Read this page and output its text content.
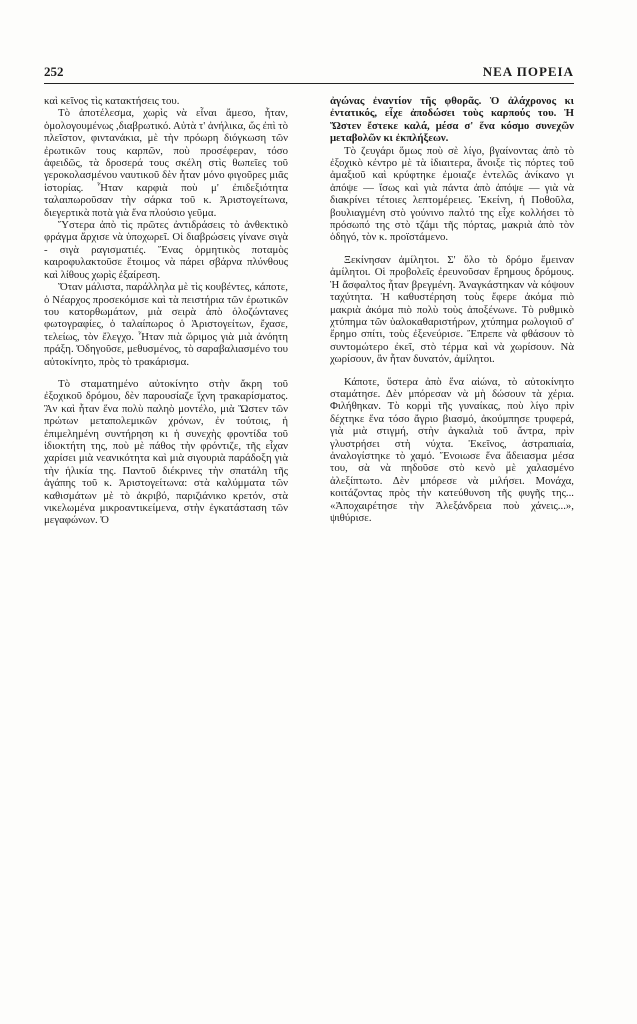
252	ΝΕΑ ΠΟΡΕΙΑ

καὶ κεῖνος τὶς κατακτήσεις του.

Τὸ ἀποτέλεσμα, χωρὶς νὰ εἶναι ἄμεσο, ἦταν, ὁμολογουμένως ,διαβρωτικό. Αὐτὰ τ' ἀνήλικα, ὥς ἐπὶ τὸ πλεῖστον, φιντανάκια, μὲ τὴν πρόωρη διόγκωση τῶν ἐρωτικῶν τους καρπῶν, ποὺ προσέφεραν, τόσο ἀφειδῶς, τὰ δροσερά τους σκέλη στὶς θωπεῖες τοῦ γεροκολασμένου ναυτικοῦ δὲν ἦταν μόνο φιγοῦρες μιᾶς ἱστορίας. Ἦταν καρφιὰ ποὺ μ' ἐπιδεξιότητα ταλαιπωροῦσαν τὴν σάρκα τοῦ κ. Ἀριστογείτωνα, διεγερτικὰ ποτὰ γιὰ ἕνα πλούσιο γεῦμα.

Ὕστερα ἀπὸ τὶς πρῶτες ἀντιδράσεις τὸ ἀνθεκτικὸ φράγμα ἄρχισε νὰ ὑποχωρεῖ. Οἱ διαβρώσεις γίνανε σιγὰ - σιγὰ ραγισματιές. Ἕνας ὁρμητικὸς ποταμὸς καιροφυλακτοῦσε ἕτοιμος νὰ πάρει σβάρνα πλύνθους καὶ λίθους χωρὶς ἐξαίρεση.

Ὅταν μάλιστα, παράλληλα μὲ τὶς κουβέντες, κάποτε, ὁ Νέαρχος προσεκόμισε καὶ τὰ πειστήρια τῶν ἐρωτικῶν του κατορθωμάτων, μιὰ σειρὰ ἀπὸ ὁλοζώντανες φωτογραφίες, ὁ ταλαίπωρος ὁ Ἀριστογείτων, ἔχασε, τελείως, τὸν ἔλεγχο. Ἦταν πιὰ ὥριμος γιὰ μιὰ ἀνόητη πράξη. Ὁδηγοῦσε, μεθυσμένος, τὸ σαραβαλιασμένο του αὐτοκίνητο, πρὸς τὸ τρακάρισμα.

Τὸ σταματημένο αὐτοκίνητο στὴν ἄκρη τοῦ ἐξοχικοῦ δρόμου, δὲν παρουσίαζε ἴχνη τρακαρίσματος. Ἂν καὶ ἦταν ἕνα πολὺ παληὸ μοντέλο, μιὰ Ὥστεν τῶν πρώτων μεταπολεμικῶν χρόνων, ἐν τούτοις, ἡ ἐπιμελημένη συντήρηση κι ἡ συνεχὴς φροντίδα τοῦ ἰδιοκτήτη της, ποὺ μὲ πάθος τὴν φρόντιζε, τῆς εἶχαν χαρίσει μιὰ νεανικότητα καὶ μιὰ σιγουριὰ παράδοξη γιὰ τὴν ἡλικία της. Παντοῦ διέκρινες τὴν σπατάλη τῆς ἀγάπης τοῦ κ. Ἀριστογείτωνα: στὰ καλύμματα τῶν καθισμάτων μὲ τὸ ἀκριβό, παριζιάνικο κρετόν, στὰ νικελωμένα μικροαντικείμενα, στὴν ἐγκατάσταση τῶν μεγαφώνων. Ὁ

ἀγώνας ἐναντίον τῆς φθορᾶς. Ὁ ἀλάχρονος κι ἐντατικός, εἶχε ἀποδώσει τοὺς καρπούς του. Ἡ Ὥστεν ἔστεκε καλά, μέσα σ' ἕνα κόσμο συνεχῶν μεταβολῶν κι ἐκπλήξεων.

Τὸ ζευγάρι ὅμως ποὺ σὲ λίγο, βγαίνοντας ἀπὸ τὸ ἐξοχικὸ κέντρο μὲ τὰ ἰδιαιτερα, ἄνοιξε τὶς πόρτες τοῦ ἀμαξιοῦ καὶ κρύφτηκε ἐμοιαζε ἐντελῶς ἀνίκανο γι ἀπόψε — ἴσως καὶ γιὰ πάντα ἀπὸ ἀπόψε — γιὰ νὰ διακρίνει τέτοιες λεπτομέρειες. Ἐκείνη, ἡ Ποθοῦλα, βουλιαγμένη στὸ γούνινο παλτό της εἶχε κολλήσει τὸ πρόσωπό της στὸ τζάμι τῆς πόρτας, μακριὰ ἀπὸ τὸν ὁδηγό, τὸν κ. προϊστάμενο.

Ξεκίνησαν ἀμίλητοι. Σ' ὅλο τὸ δρόμο ἔμειναν ἀμίλητοι. Οἱ προβολεῖς ἐρευνοῦσαν ἔρημους δρόμους. Ἡ ἄσφαλτος ἦταν βρεγμένη. Ἀναγκάστηκαν νὰ κόψουν ταχύτητα. Ἡ καθυστέρηση τοὺς ἔφερε ἀκόμα πιὸ μακριὰ ἀκόμα πιὸ πολὺ τοὺς ἀποξένωνε. Τὸ ρυθμικὸ χτύπημα τῶν ὑαλοκαθαριστήρων, χτύπημα ρωλογιοῦ σ' ἔρημο σπίτι, τοὺς ἐξενεύρισε. Ἔπρεπε νὰ φθάσουν τὸ συντομώτερο ἐκεῖ, στὸ τέρμα καὶ νὰ χωρίσουν. Νὰ χωρίσουν, ἂν ἦταν δυνατόν, ἀμίλητοι.

Κάποτε, ὕστερα ἀπὸ ἕνα αἰώνα, τὸ αὐτοκίνητο σταμάτησε. Δὲν μπόρεσαν νὰ μὴ δώσουν τὰ χέρια. Φιλήθηκαν. Τὸ κορμὶ τῆς γυναίκας, ποὺ λίγο πρὶν δέχτηκε ἕνα τόσο ἄγριο βιασμό, ἀκούμπησε τρυφερά, γιὰ μιὰ στιγμή, στὴν ἀγκαλιὰ τοῦ ἄντρα, πρὶν γλυστρήσει στὴ νύχτα. Ἐκεῖνος, ἀστραπιαία, ἀναλογίστηκε τὸ χαμό. Ἔνοιωσε ἕνα ἄδειασμα μέσα του, σὰ νὰ πηδοῦσε στὸ κενὸ μὲ χαλασμένο ἀλεξίπτωτο. Δὲν μπόρεσε νὰ μιλήσει. Μονάχα, κοιτάζοντας πρὸς τὴν κατεύθυνση τῆς φυγῆς της... «Ἀποχαιρέτησε τὴν Ἀλεξάνδρεια ποὺ χάνεις...», ψιθύρισε.
